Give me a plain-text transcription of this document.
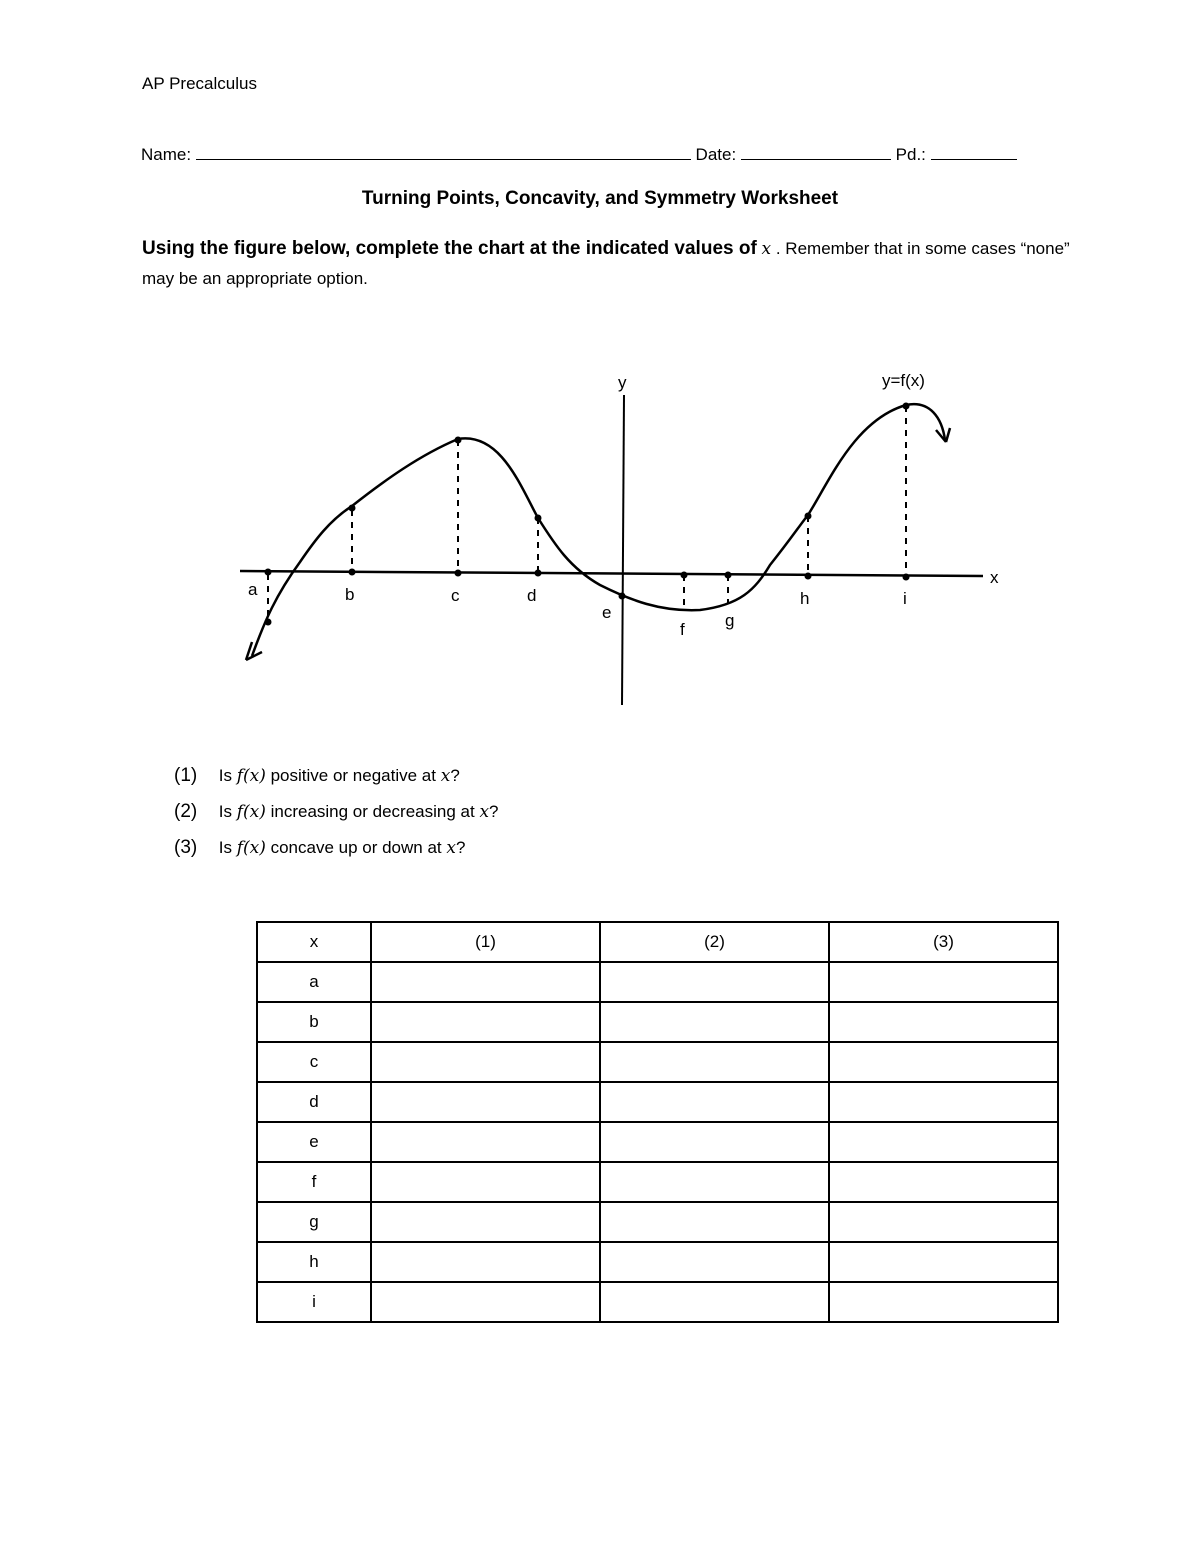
AP Precalculus
Name:	Date:	Pd.:
Turning Points, Concavity, and Symmetry Worksheet
Using the figure below, complete the chart at the indicated values of x . Remember that in some cases “none” may be an appropriate option.
y
x
y=f(x)
a	b	c	d
e
f g
h	i
(1) Is f(x) positive or negative at x?
(2) Is f(x) increasing or decreasing at x?
(3) Is f(x) concave up or down at x?
x	(1)	(2)	(3)
a			
b			
c			
d			
e			
f			
g			
h			
i			
